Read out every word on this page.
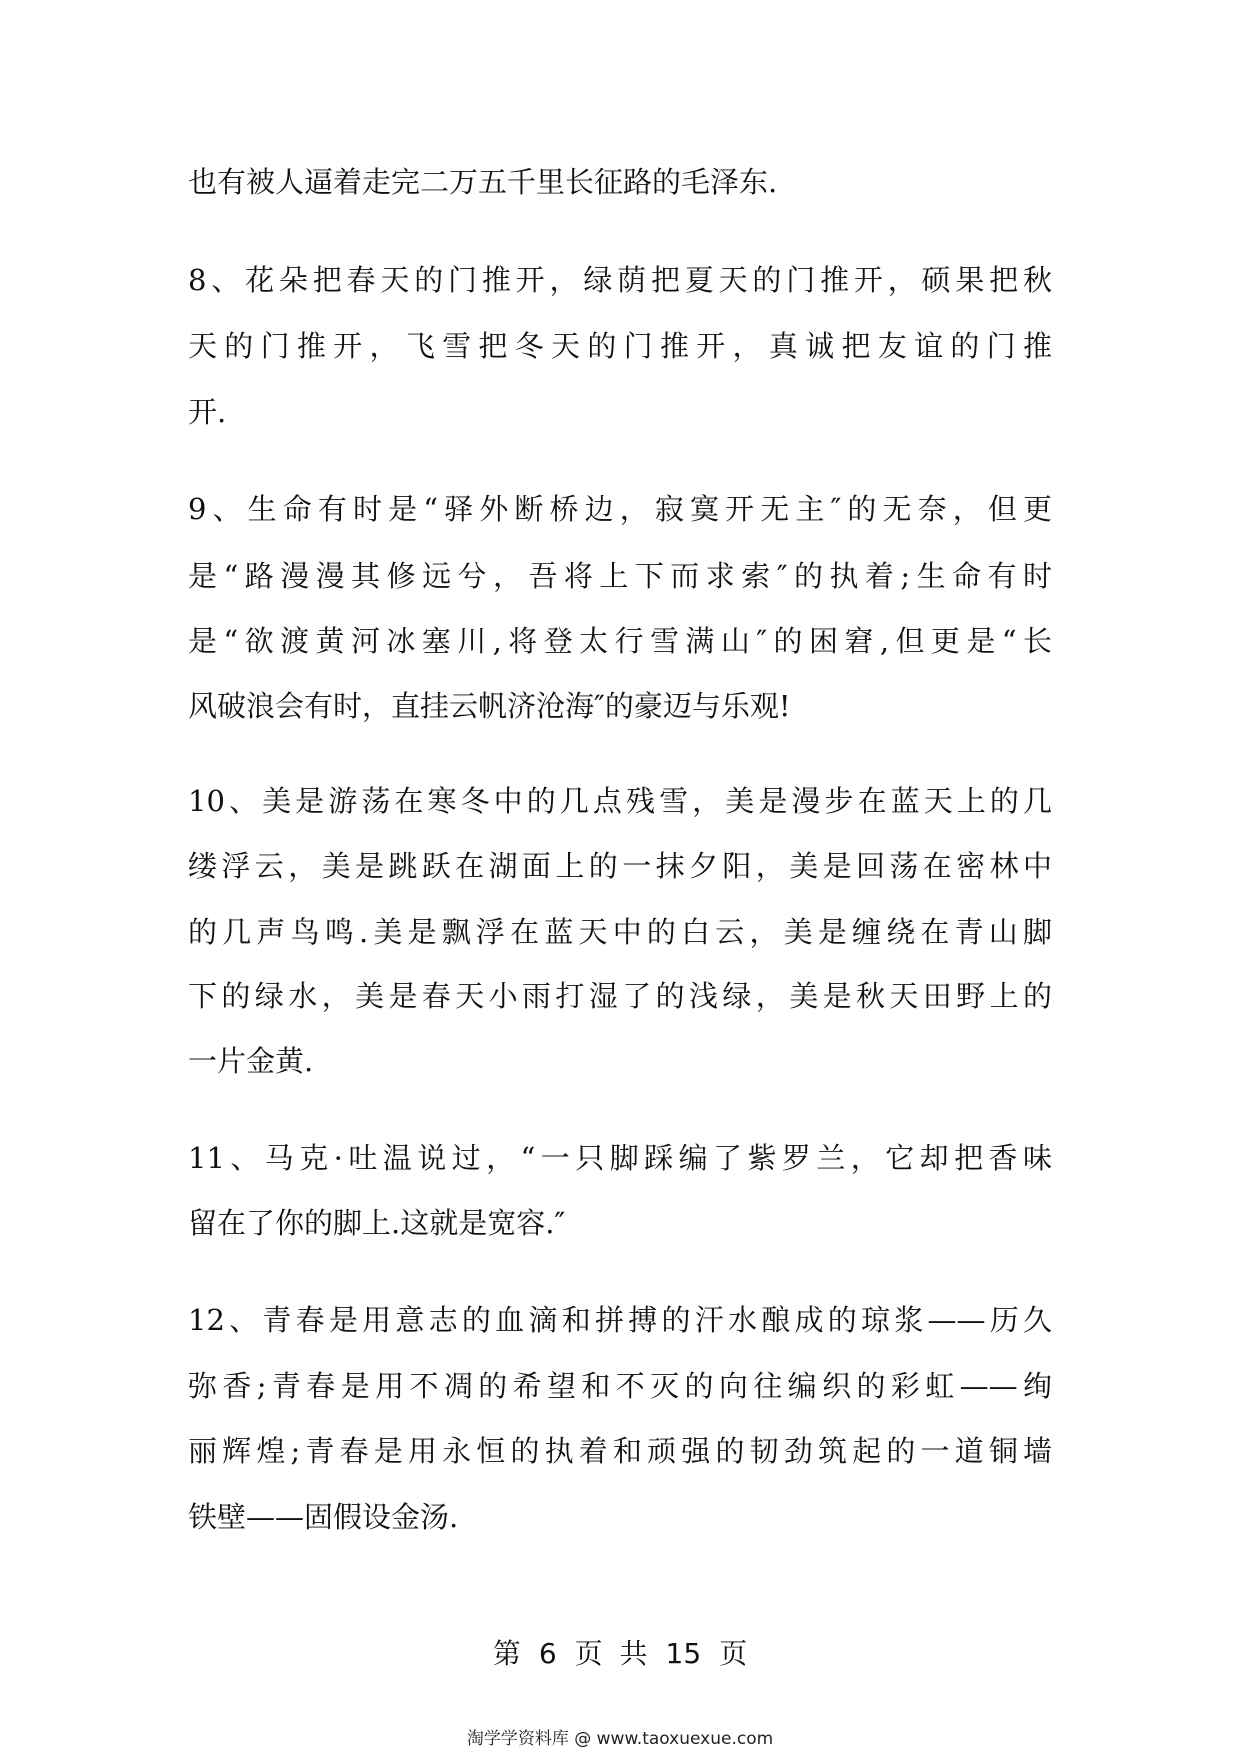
也有被人逼着走完二万五千里长征路的毛泽东.
8、花朵把春天的门推开，绿荫把夏天的门推开，硕果把秋
天的门推开，飞雪把冬天的门推开，真诚把友谊的门推
开.
9、生命有时是“驿外断桥边，寂寞开无主″的无奈，但更
是“路漫漫其修远兮，吾将上下而求索″的执着;生命有时
是“欲渡黄河冰塞川,将登太行雪满山″的困窘,但更是“长
风破浪会有时，直挂云帆济沧海″的豪迈与乐观!
10、美是游荡在寒冬中的几点残雪，美是漫步在蓝天上的几
缕浮云，美是跳跃在湖面上的一抹夕阳，美是回荡在密林中
的几声鸟鸣.美是飘浮在蓝天中的白云，美是缠绕在青山脚
下的绿水，美是春天小雨打湿了的浅绿，美是秋天田野上的
一片金黄.
11、马克·吐温说过，“一只脚踩编了紫罗兰，它却把香味
留在了你的脚上.这就是宽容.″
12、青春是用意志的血滴和拼搏的汗水酿成的琼浆——历久
弥香;青春是用不凋的希望和不灭的向往编织的彩虹——绚
丽辉煌;青春是用永恒的执着和顽强的韧劲筑起的一道铜墙
铁壁——固假设金汤.
第 6 页 共 15 页
淘学学资料库 @ www.taoxuexue.com
